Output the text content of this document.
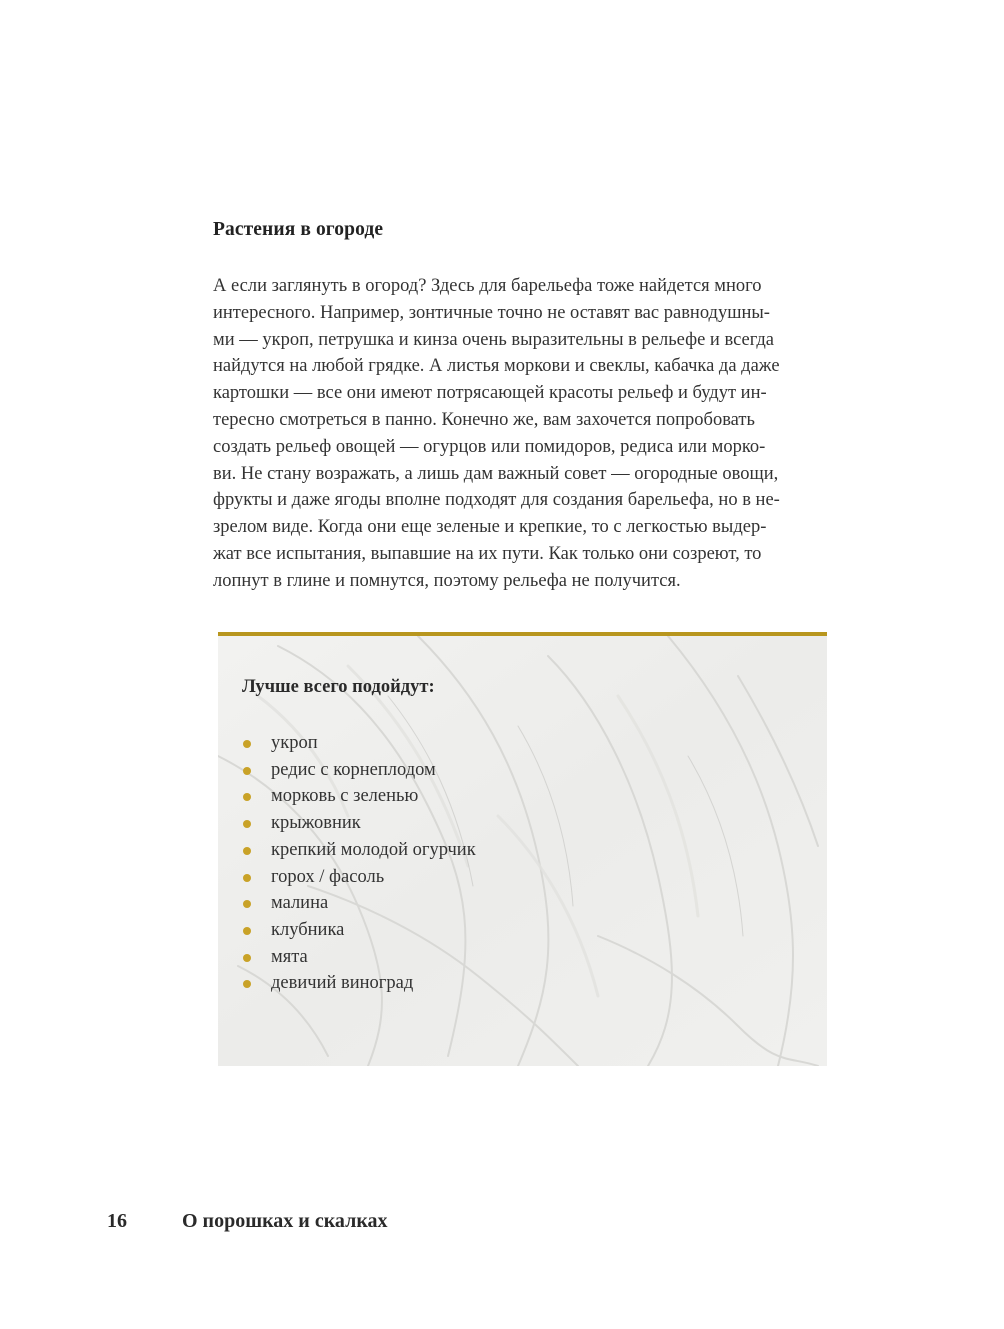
Растения в огороде

А если заглянуть в огород? Здесь для барельефа тоже найдется много
интересного. Например, зонтичные точно не оставят вас равнодушны-
ми — укроп, петрушка и кинза очень выразительны в рельефе и всегда
найдутся на любой грядке. А листья моркови и свеклы, кабачка да даже
картошки — все они имеют потрясающей красоты рельеф и будут ин-
тересно смотреться в панно. Конечно же, вам захочется попробовать
создать рельеф овощей — огурцов или помидоров, редиса или морко-
ви. Не стану возражать, а лишь дам важный совет — огородные овощи,
фрукты и даже ягоды вполне подходят для создания барельефа, но в не-
зрелом виде. Когда они еще зеленые и крепкие, то с легкостью выдер-
жат все испытания, выпавшие на их пути. Как только они созреют, то
лопнут в глине и помнутся, поэтому рельефа не получится.

Лучше всего подойдут:
укроп
редис с корнеплодом
морковь с зеленью
крыжовник
крепкий молодой огурчик
горох / фасоль
малина
клубника
мята
девичий виноград
16	О порошках и скалках
